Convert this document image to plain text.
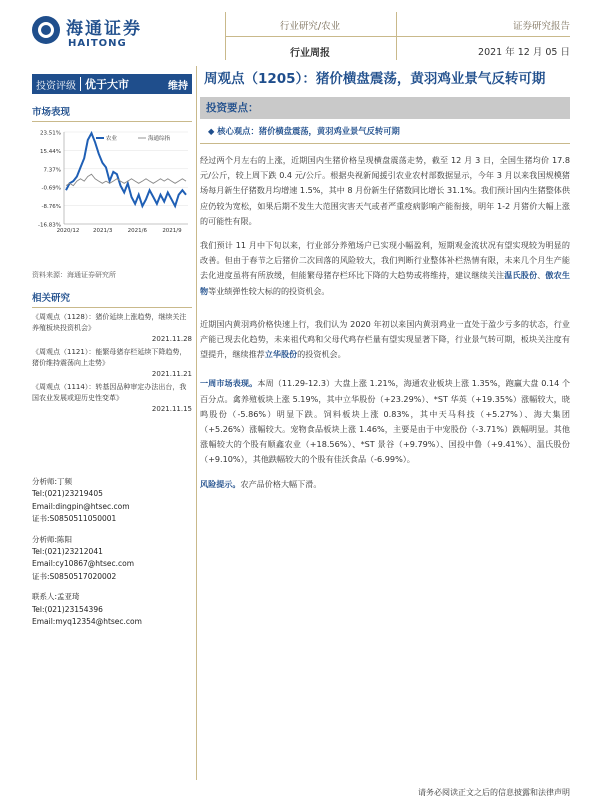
海通证券
HAITONG
行业研究/农业
行业周报
证券研究报告
2021 年 12 月 05 日
投资评级 优于大市	维持
市场表现
23.51%
15.44%
7.37%
-0.69%
-8.76%
-16.83%
2020/12 2021/3	2021/6	2021/9
农业	海通综指
资料来源：海通证券研究所
相关研究
《周观点（1128）：猪价延续上涨趋势，继续关注养殖板块投资机会》
2021.11.28
《周观点（1121）：能繁母猪存栏延续下降趋势，猪价维持震荡向上走势》
2021.11.21
《周观点（1114）：转基因品种审定办法出台，我国农业发展或迎历史性变革》
2021.11.15
分析师:丁频
Tel:(021)23219405
Email:dingpin@htsec.com
证书:S0850511050001
分析师:陈阳
Tel:(021)23212041
Email:cy10867@htsec.com
证书:S0850517020002
联系人:孟亚琦
Tel:(021)23154396
Email:myq12354@htsec.com
周观点（1205）：猪价横盘震荡，黄羽鸡业景气反转可期
投资要点：
◆ 核心观点：猪价横盘震荡，黄羽鸡业景气反转可期
经过两个月左右的上涨，近期国内生猪价格呈现横盘震荡走势，截至 12 月 3 日，全国生猪均价 17.8 元/公斤，较上周下跌 0.4 元/公斤。根据央视新闻援引农业农村部数据显示，今年 3 月以来我国规模猪场每月新生仔猪数月均增速 1.5%，其中 8 月份新生仔猪数同比增长 31.1%。我们预计国内生猪整体供应仍较为宽松，如果后期不发生大范围灾害天气或者严重疫病影响产能衔接，明年 1-2 月猪价大幅上涨的可能性有限。
我们预计 11 月中下旬以来，行业部分养殖场户已实现小幅盈利，短期观金流状况有望实现较为明显的改善。但由于春节之后猪价二次回落的风险较大，我们判断行业整体补栏热情有限，未来几个月生产能去化进度虽将有所放缓，但能繁母猪存栏环比下降的大趋势或将维持，建议继续关注温氏股份、傲农生物等业绩弹性较大标的的投资机会。
近期国内黄羽鸡价格快速上行，我们认为 2020 年初以来国内黄羽鸡业一直处于盈少亏多的状态，行业产能已现去化趋势，未来祖代鸡和父母代鸡存栏量有望实现显著下降，行业景气转可期，板块关注度有望提升，继续推荐立华股份的投资机会。
一周市场表现。本周（11.29-12.3）大盘上涨 1.21%，海通农业板块上涨 1.35%，跑赢大盘 0.14 个百分点。禽养殖板块上涨 5.19%，其中立华股份（+23.29%）、*ST 华英（+19.35%）涨幅较大，晓鸣股份（-5.86%）明显下跌。饲料板块上涨 0.83%，其中天马科技（+5.27%）、海大集团（+5.26%）涨幅较大。宠物食品板块上涨 1.46%，主要是由于中宠股份（-3.71%）跌幅明显。其他涨幅较大的个股有顺鑫农业（+18.56%）、*ST 景谷（+9.79%）、国投中鲁（+9.41%）、温氏股份（+9.10%），其他跌幅较大的个股有佳沃食品（-6.99%）。
风险提示。农产品价格大幅下滑。
请务必阅读正文之后的信息披露和法律声明
